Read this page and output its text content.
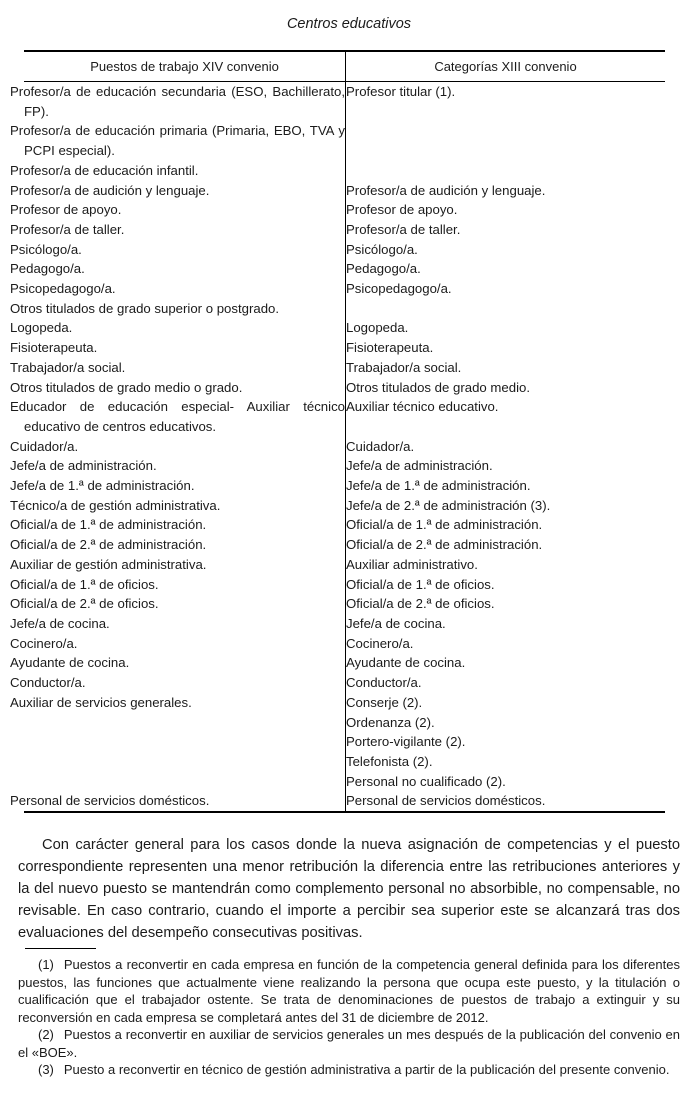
Centros educativos

Puestos de trabajo XIV convenio	Categorías XIII convenio
Profesor/a de educación secundaria (ESO, Bachillerato, FP).	Profesor titular (1).
Profesor/a de educación primaria (Primaria, EBO, TVA y PCPI especial).	
Profesor/a de educación infantil.	
Profesor/a de audición y lenguaje.	Profesor/a de audición y lenguaje.
Profesor de apoyo.	Profesor de apoyo.
Profesor/a de taller.	Profesor/a de taller.
Psicólogo/a.	Psicólogo/a.
Pedagogo/a.	Pedagogo/a.
Psicopedagogo/a.	Psicopedagogo/a.
Otros titulados de grado superior o postgrado.	
Logopeda.	Logopeda.
Fisioterapeuta.	Fisioterapeuta.
Trabajador/a social.	Trabajador/a social.
Otros titulados de grado medio o grado.	Otros titulados de grado medio.
Educador de educación especial- Auxiliar técnico educativo de centros educativos.	Auxiliar técnico educativo.
Cuidador/a.	Cuidador/a.
Jefe/a de administración.	Jefe/a de administración.
Jefe/a de 1.ª de administración.	Jefe/a de 1.ª de administración.
Técnico/a de gestión administrativa.	Jefe/a de 2.ª de administración (3).
Oficial/a de 1.ª de administración.	Oficial/a de 1.ª de administración.
Oficial/a de 2.ª de administración.	Oficial/a de 2.ª de administración.
Auxiliar de gestión administrativa.	Auxiliar administrativo.
Oficial/a de 1.ª de oficios.	Oficial/a de 1.ª de oficios.
Oficial/a de 2.ª de oficios.	Oficial/a de 2.ª de oficios.
Jefe/a de cocina.	Jefe/a de cocina.
Cocinero/a.	Cocinero/a.
Ayudante de cocina.	Ayudante de cocina.
Conductor/a.	Conductor/a.
Auxiliar de servicios generales.	Conserje (2).
	Ordenanza (2).
	Portero-vigilante (2).
	Telefonista (2).
	Personal no cualificado (2).
Personal de servicios domésticos.	Personal de servicios domésticos.

Con carácter general para los casos donde la nueva asignación de competencias y el puesto correspondiente representen una menor retribución la diferencia entre las retribuciones anteriores y la del nuevo puesto se mantendrán como complemento personal no absorbible, no compensable, no revisable. En caso contrario, cuando el importe a percibir sea superior este se alcanzará tras dos evaluaciones del desempeño consecutivas positivas.

(1) Puestos a reconvertir en cada empresa en función de la competencia general definida para los diferentes puestos, las funciones que actualmente viene realizando la persona que ocupa este puesto, y la titulación o cualificación que el trabajador ostente. Se trata de denominaciones de puestos de trabajo a extinguir y su reconversión en cada empresa se completará antes del 31 de diciembre de 2012.

(2) Puestos a reconvertir en auxiliar de servicios generales un mes después de la publicación del convenio en el «BOE».

(3) Puesto a reconvertir en técnico de gestión administrativa a partir de la publicación del presente convenio.
